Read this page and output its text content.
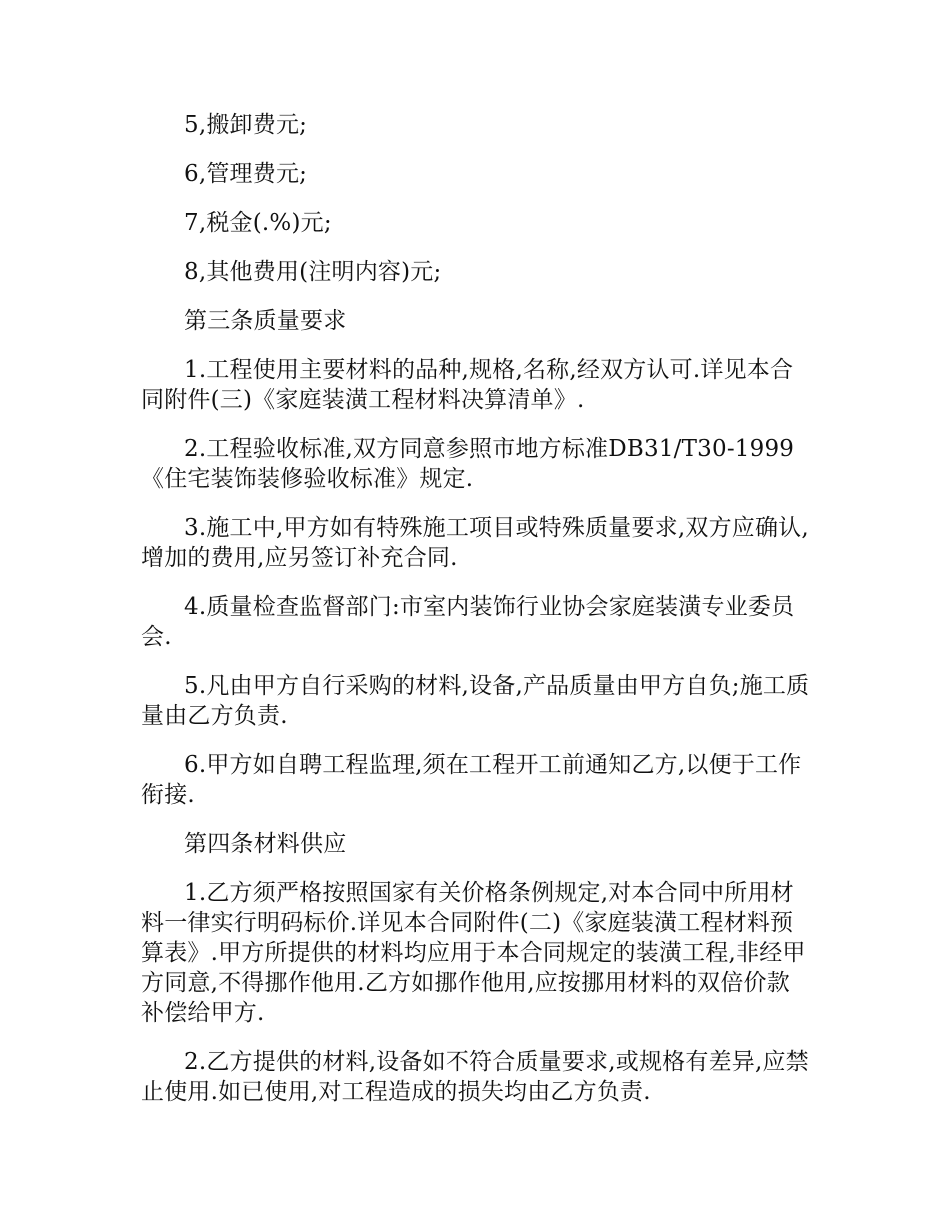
5,搬卸费元;

6,管理费元;

7,税金(.%)元;

8,其他费用(注明内容)元;

第三条质量要求

1.工程使用主要材料的品种,规格,名称,经双方认可.详见本合同附件(三)《家庭装潢工程材料决算清单》.

2.工程验收标准,双方同意参照市地方标准DB31/T30-1999《住宅装饰装修验收标准》规定.

3.施工中,甲方如有特殊施工项目或特殊质量要求,双方应确认,增加的费用,应另签订补充合同.

4.质量检查监督部门:市室内装饰行业协会家庭装潢专业委员会.

5.凡由甲方自行采购的材料,设备,产品质量由甲方自负;施工质量由乙方负责.

6.甲方如自聘工程监理,须在工程开工前通知乙方,以便于工作衔接.

第四条材料供应

1.乙方须严格按照国家有关价格条例规定,对本合同中所用材料一律实行明码标价.详见本合同附件(二)《家庭装潢工程材料预算表》.甲方所提供的材料均应用于本合同规定的装潢工程,非经甲方同意,不得挪作他用.乙方如挪作他用,应按挪用材料的双倍价款补偿给甲方.

2.乙方提供的材料,设备如不符合质量要求,或规格有差异,应禁止使用.如已使用,对工程造成的损失均由乙方负责.
